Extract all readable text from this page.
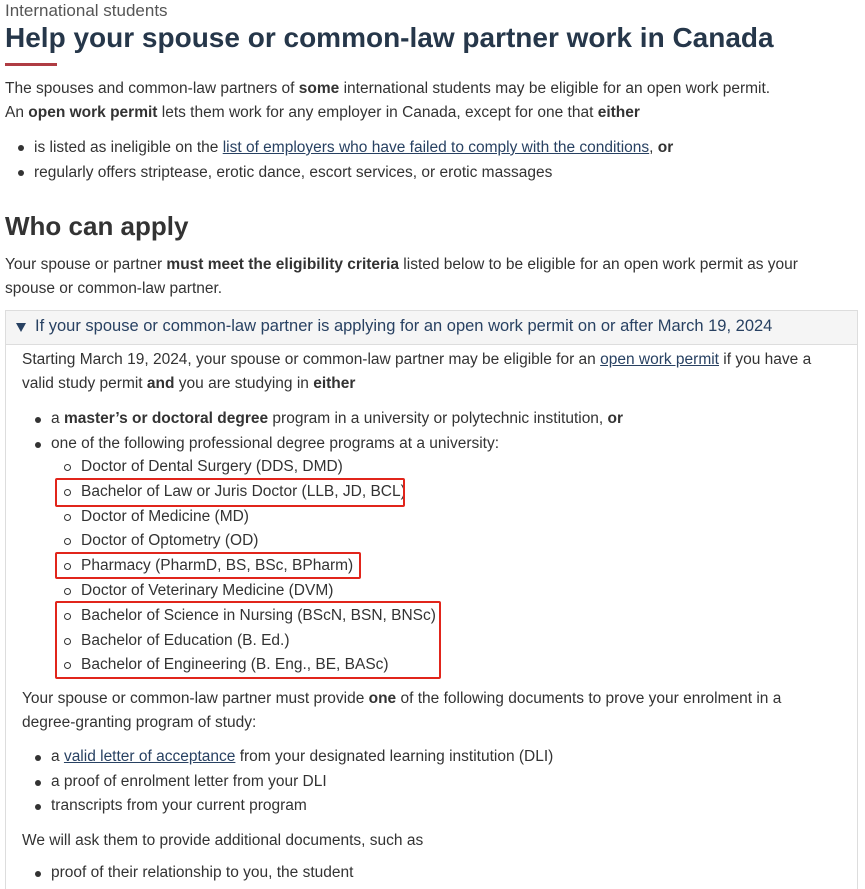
International students

Help your spouse or common-law partner work in Canada

The spouses and common-law partners of some international students may be eligible for an open work permit.

An open work permit lets them work for any employer in Canada, except for one that either

is listed as ineligible on the list of employers who have failed to comply with the conditions, or
regularly offers striptease, erotic dance, escort services, or erotic massages
Who can apply

Your spouse or partner must meet the eligibility criteria listed below to be eligible for an open work permit as your

spouse or common-law partner.

If your spouse or common-law partner is applying for an open work permit on or after March 19, 2024

Starting March 19, 2024, your spouse or common-law partner may be eligible for an open work permit if you have a

valid study permit and you are studying in either

a master’s or doctoral degree program in a university or polytechnic institution, or
one of the following professional degree programs at a university:
Doctor of Dental Surgery (DDS, DMD)
Bachelor of Law or Juris Doctor (LLB, JD, BCL)
Doctor of Medicine (MD)
Doctor of Optometry (OD)
Pharmacy (PharmD, BS, BSc, BPharm)
Doctor of Veterinary Medicine (DVM)
Bachelor of Science in Nursing (BScN, BSN, BNSc)
Bachelor of Education (B. Ed.)
Bachelor of Engineering (B. Eng., BE, BASc)

Your spouse or common-law partner must provide one of the following documents to prove your enrolment in a

degree-granting program of study:

a valid letter of acceptance from your designated learning institution (DLI)
a proof of enrolment letter from your DLI
transcripts from your current program

We will ask them to provide additional documents, such as

proof of their relationship to you, the student
